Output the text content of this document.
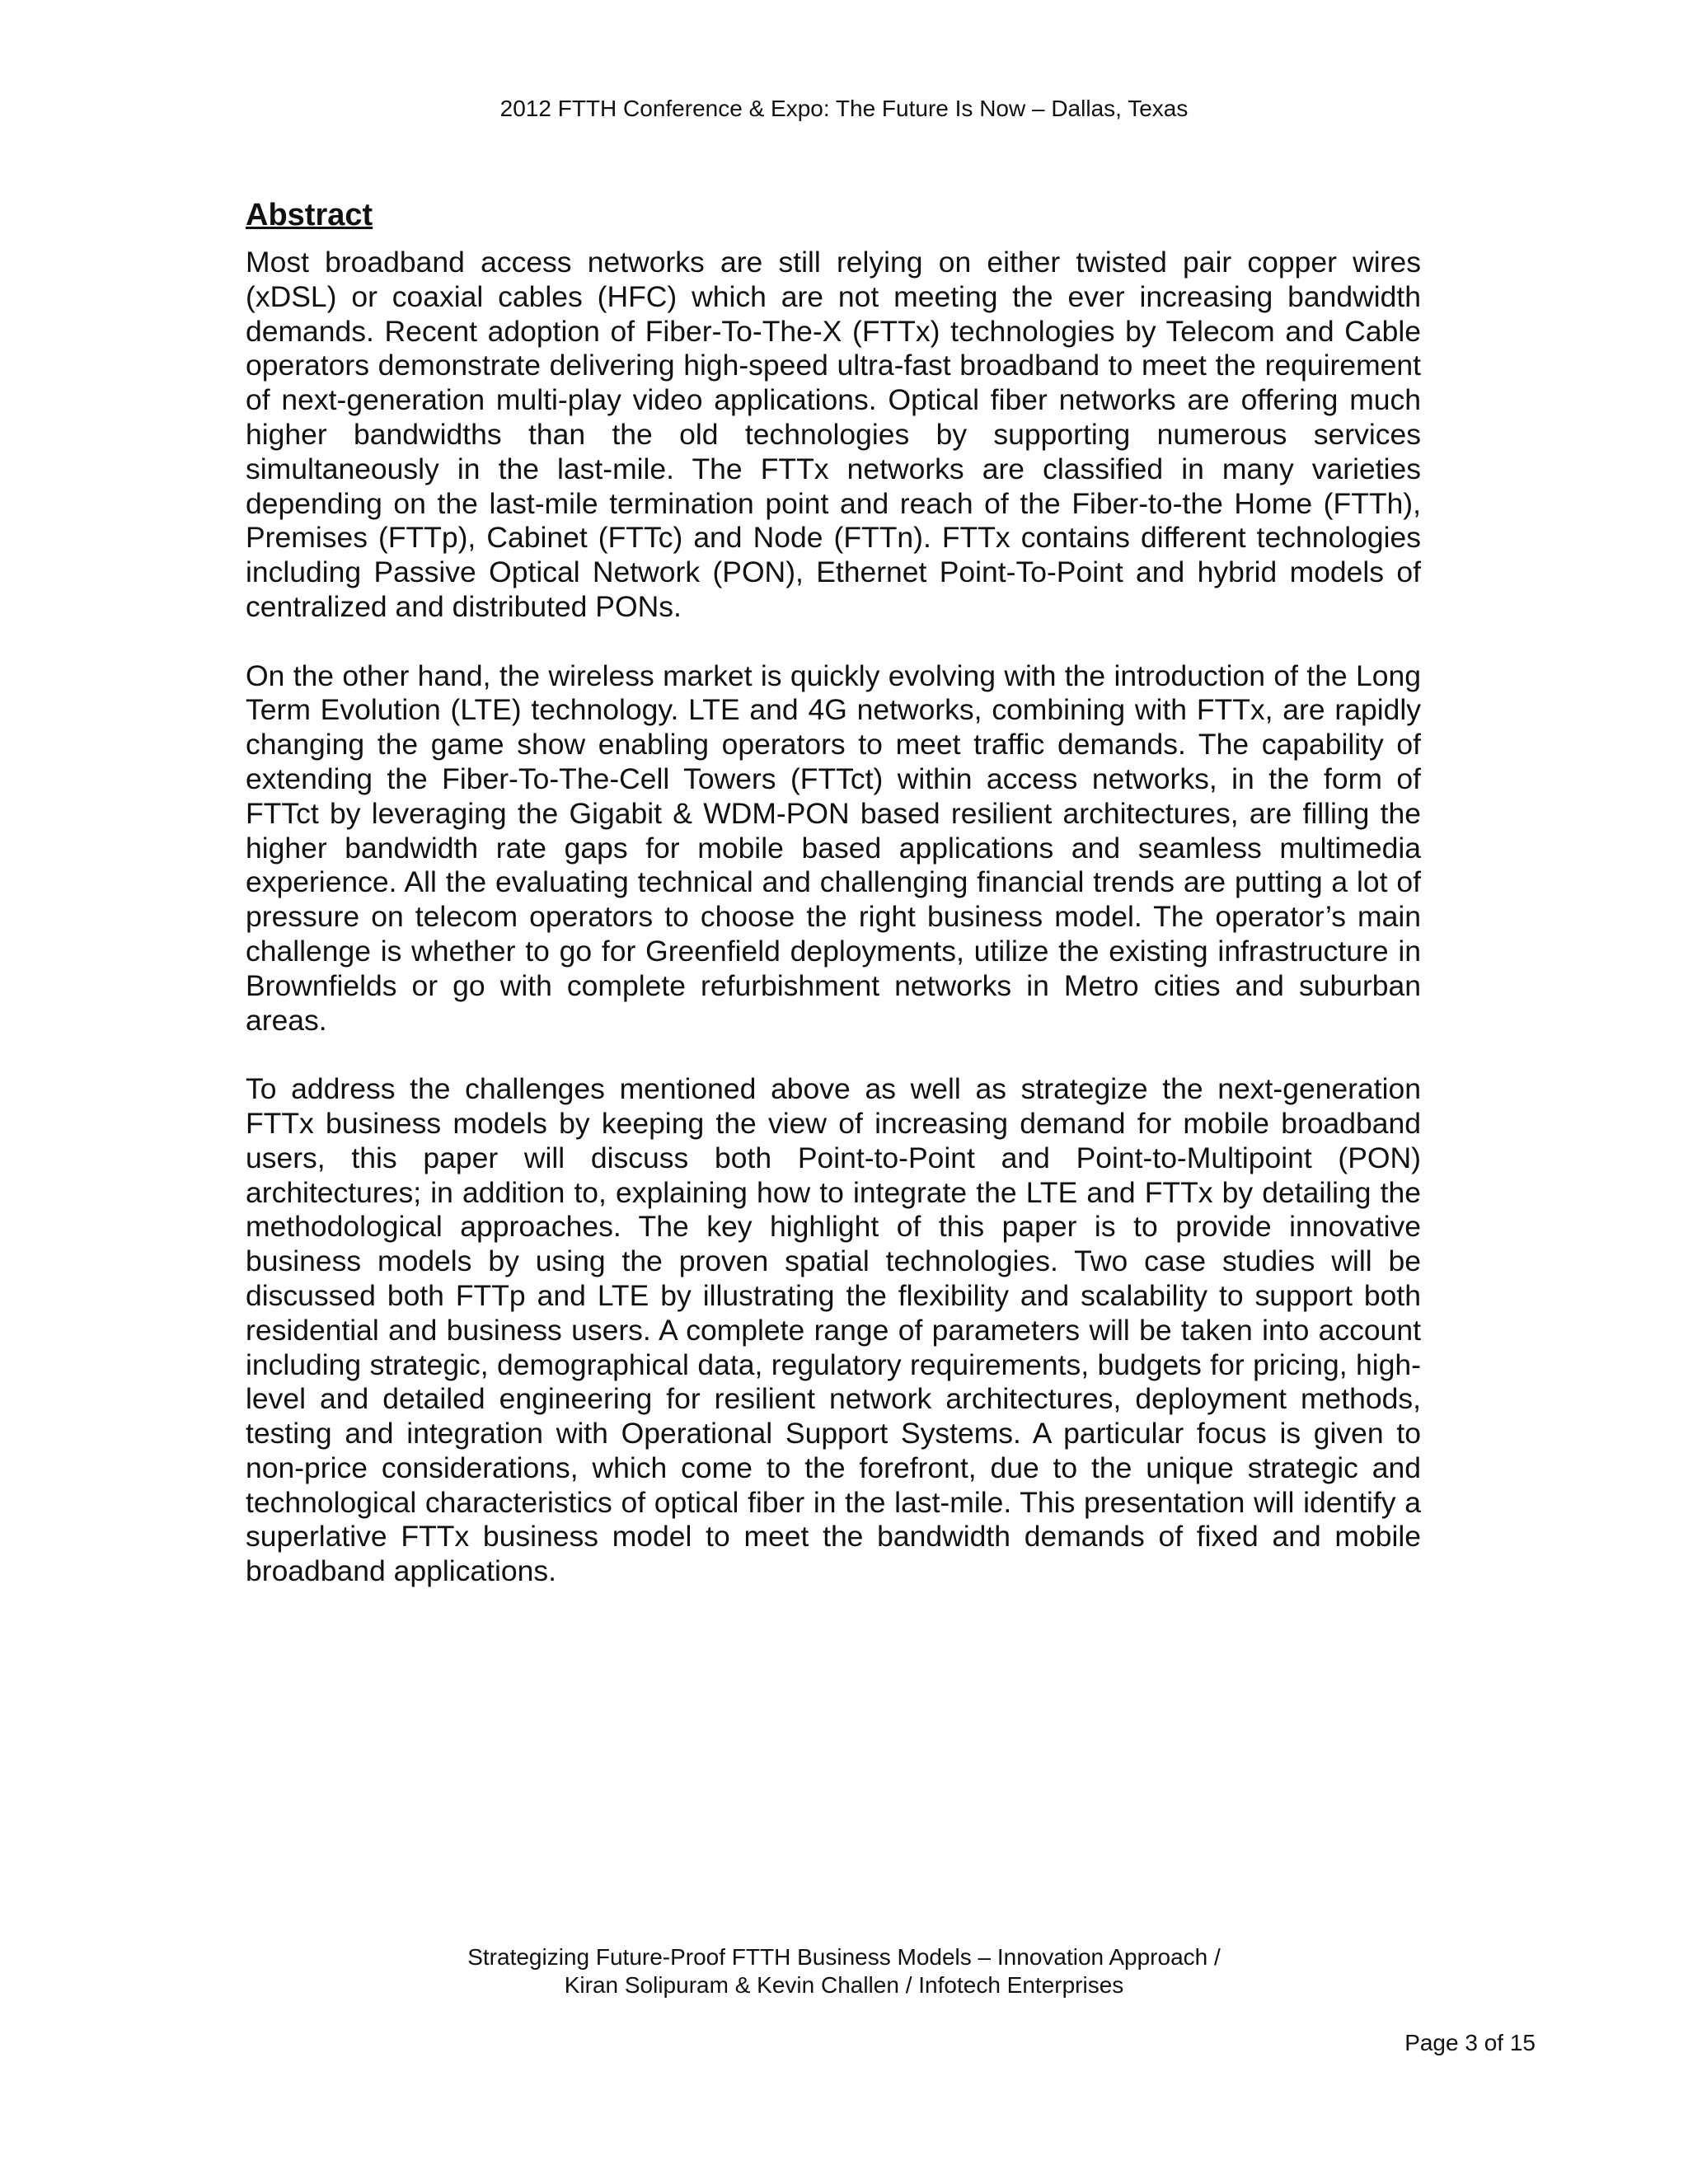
2012 FTTH Conference & Expo: The Future Is Now – Dallas, Texas
Abstract

Most broadband access networks are still relying on either twisted pair copper wires (xDSL) or coaxial cables (HFC) which are not meeting the ever increasing bandwidth demands. Recent adoption of Fiber-To-The-X (FTTx) technologies by Telecom and Cable operators demonstrate delivering high-speed ultra-fast broadband to meet the requirement of next-generation multi-play video applications. Optical fiber networks are offering much higher bandwidths than the old technologies by supporting numerous services simultaneously in the last-mile. The FTTx networks are classified in many varieties depending on the last-mile termination point and reach of the Fiber-to-the Home (FTTh), Premises (FTTp), Cabinet (FTTc) and Node (FTTn). FTTx contains different technologies including Passive Optical Network (PON), Ethernet Point-To-Point and hybrid models of centralized and distributed PONs.

On the other hand, the wireless market is quickly evolving with the introduction of the Long Term Evolution (LTE) technology. LTE and 4G networks, combining with FTTx, are rapidly changing the game show enabling operators to meet traffic demands. The capability of extending the Fiber-To-The-Cell Towers (FTTct) within access networks, in the form of FTTct by leveraging the Gigabit & WDM-PON based resilient architectures, are filling the higher bandwidth rate gaps for mobile based applications and seamless multimedia experience. All the evaluating technical and challenging financial trends are putting a lot of pressure on telecom operators to choose the right business model. The operator’s main challenge is whether to go for Greenfield deployments, utilize the existing infrastructure in Brownfields or go with complete refurbishment networks in Metro cities and suburban areas.

To address the challenges mentioned above as well as strategize the next-generation FTTx business models by keeping the view of increasing demand for mobile broadband users, this paper will discuss both Point-to-Point and Point-to-Multipoint (PON) architectures; in addition to, explaining how to integrate the LTE and FTTx by detailing the methodological approaches. The key highlight of this paper is to provide innovative business models by using the proven spatial technologies. Two case studies will be discussed both FTTp and LTE by illustrating the flexibility and scalability to support both residential and business users. A complete range of parameters will be taken into account including strategic, demographical data, regulatory requirements, budgets for pricing, high-level and detailed engineering for resilient network architectures, deployment methods, testing and integration with Operational Support Systems. A particular focus is given to non-price considerations, which come to the forefront, due to the unique strategic and technological characteristics of optical fiber in the last-mile. This presentation will identify a superlative FTTx business model to meet the bandwidth demands of fixed and mobile broadband applications.

Strategizing Future-Proof FTTH Business Models – Innovation Approach /
Kiran Solipuram & Kevin Challen / Infotech Enterprises
Page 3 of 15
